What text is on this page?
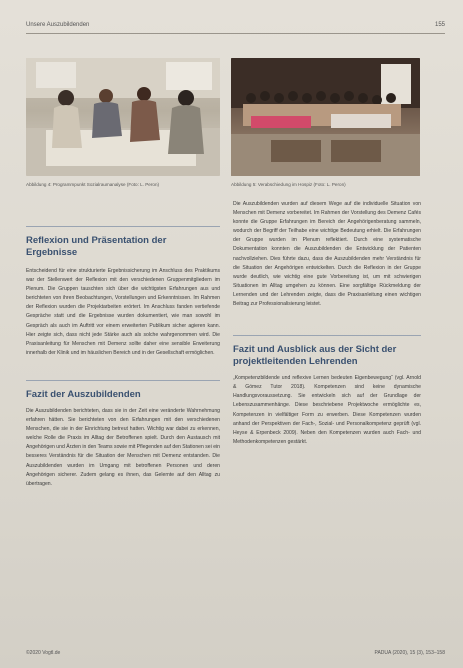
Unsere Auszubildenden	155
Abbildung 4: Programmpunkt Sozialraumanalyse (Foto: L. Peron)	Abbildung 5: Verabschiedung im Hospiz (Foto: L. Peron)
Reflexion und Präsentation der Ergebnisse

Entscheidend für eine strukturierte Ergebnissicherung im Anschluss des Praktikums war der Stellenwert der Reflexion mit den verschiedenen Gruppenmitgliedern im Plenum. Die Gruppen tauschten sich über die wichtigsten Erfahrungen aus und berichteten von ihren Beobachtungen, Vorstellungen und Erkenntnissen. Im Rahmen der Reflexion wurden die Projektarbeiten erörtert. Im Anschluss fanden vertiefende Gespräche statt und die Ergebnisse wurden dokumentiert, wie man sowohl im Gespräch als auch im Auftritt vor einem erweiterten Publikum sicher agieren kann. Hier zeigte sich, dass nicht jede Stärke auch als solche wahrgenommen wird. Die Praxisanleitung für Menschen mit Demenz sollte daher eine sensible Erweiterung innerhalb der Klinik und im häuslichen Bereich und in der Gesellschaft ermöglichen.

Fazit der Auszubildenden

Die Auszubildenden berichteten, dass sie in der Zeit eine veränderte Wahrnehmung erfahren hätten. Sie berichteten von den Erfahrungen mit den verschiedenen Menschen, die sie in der Einrichtung betreut hatten. Wichtig war dabei zu erkennen, welche Rolle die Praxis im Alltag der Betroffenen spielt. Durch den Austausch mit Angehörigen und Ärzten in den Teams sowie mit Pflegenden auf den Stationen sei ein besseres Verständnis für die Situation der Menschen mit Demenz entstanden. Die Auszubildenden wurden im Umgang mit betroffenen Personen und deren Angehörigen sicherer. Zudem gelang es ihnen, das Gelernte auf den Alltag zu übertragen.

Die Auszubildenden wurden auf diesem Wege auf die individuelle Situation von Menschen mit Demenz vorbereitet. Im Rahmen der Vorstellung des Demenz Cafés konnte die Gruppe Erfahrungen im Bereich der Angehörigenberatung sammeln, wodurch der Begriff der Teilhabe eine wichtige Bedeutung erhielt. Die Erfahrungen der Gruppe wurden im Plenum reflektiert. Durch eine systematische Dokumentation konnten die Auszubildenden die Entwicklung der Patienten nachvollziehen. Dies führte dazu, dass die Auszubildenden mehr Verständnis für die Situation der Angehörigen entwickelten. Durch die Reflexion in der Gruppe wurde deutlich, wie wichtig eine gute Vorbereitung ist, um mit schwierigen Situationen im Alltag umgehen zu können. Eine sorgfältige Rückmeldung der Lernenden und der Lehrenden zeigte, dass die Praxisanleitung einen wichtigen Beitrag zur Professionalisierung leistet.

Fazit und Ausblick aus der Sicht der projektleitenden Lehrenden

„Kompetenzbildende und reflexive Lernen bedeuten Eigenbewegung“ (vgl. Arnold & Gómez Tutor 2018). Kompetenzen sind keine dynamische Handlungsvoraussetzung. Sie entwickeln sich auf der Grundlage der Lebenszusammenhänge. Diese beschriebene Projektwoche ermöglichte es, Kompetenzen in vielfältiger Form zu erwerben. Diese Kompetenzen wurden anhand der Perspektiven der Fach-, Sozial- und Personalkompetenz geprüft (vgl. Heyse & Erpenbeck 2009). Neben den Kompetenzen wurden auch Fach- und Methodenkompetenzen gestärkt.

©2020 Vogtl.de	PADUA (2020), 15 (3), 153–158
